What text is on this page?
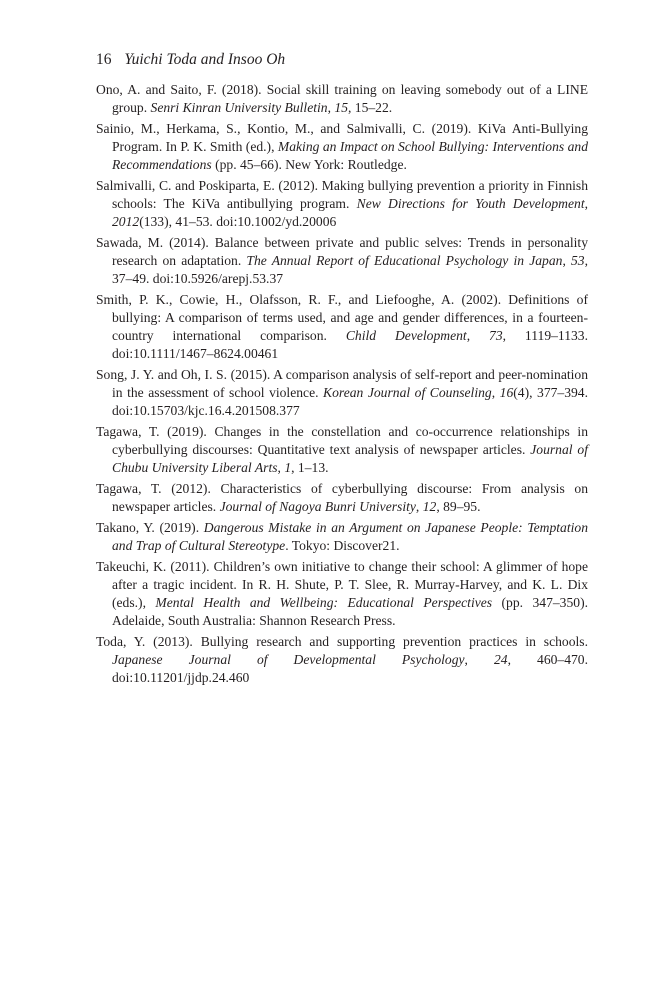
16 Yuichi Toda and Insoo Oh
Ono, A. and Saito, F. (2018). Social skill training on leaving somebody out of a LINE group. Senri Kinran University Bulletin, 15, 15–22.
Sainio, M., Herkama, S., Kontio, M., and Salmivalli, C. (2019). KiVa Anti-Bullying Program. In P. K. Smith (ed.), Making an Impact on School Bullying: Interventions and Recommendations (pp. 45–66). New York: Routledge.
Salmivalli, C. and Poskiparta, E. (2012). Making bullying prevention a priority in Finnish schools: The KiVa antibullying program. New Directions for Youth Development, 2012(133), 41–53. doi:10.1002/yd.20006
Sawada, M. (2014). Balance between private and public selves: Trends in personality research on adaptation. The Annual Report of Educational Psychology in Japan, 53, 37–49. doi:10.5926/arepj.53.37
Smith, P. K., Cowie, H., Olafsson, R. F., and Liefooghe, A. (2002). Definitions of bullying: A comparison of terms used, and age and gender differences, in a fourteen-country international comparison. Child Development, 73, 1119–1133. doi:10.1111/1467–8624.00461
Song, J. Y. and Oh, I. S. (2015). A comparison analysis of self-report and peer-nomination in the assessment of school violence. Korean Journal of Counseling, 16(4), 377–394. doi:10.15703/kjc.16.4.201508.377
Tagawa, T. (2019). Changes in the constellation and co-occurrence relationships in cyberbullying discourses: Quantitative text analysis of newspaper articles. Journal of Chubu University Liberal Arts, 1, 1–13.
Tagawa, T. (2012). Characteristics of cyberbullying discourse: From analysis on newspaper articles. Journal of Nagoya Bunri University, 12, 89–95.
Takano, Y. (2019). Dangerous Mistake in an Argument on Japanese People: Temptation and Trap of Cultural Stereotype. Tokyo: Discover21.
Takeuchi, K. (2011). Children’s own initiative to change their school: A glimmer of hope after a tragic incident. In R. H. Shute, P. T. Slee, R. Murray-Harvey, and K. L. Dix (eds.), Mental Health and Wellbeing: Educational Perspectives (pp. 347–350). Adelaide, South Australia: Shannon Research Press.
Toda, Y. (2013). Bullying research and supporting prevention practices in schools. Japanese Journal of Developmental Psychology, 24, 460–470. doi:10.11201/jjdp.24.460
